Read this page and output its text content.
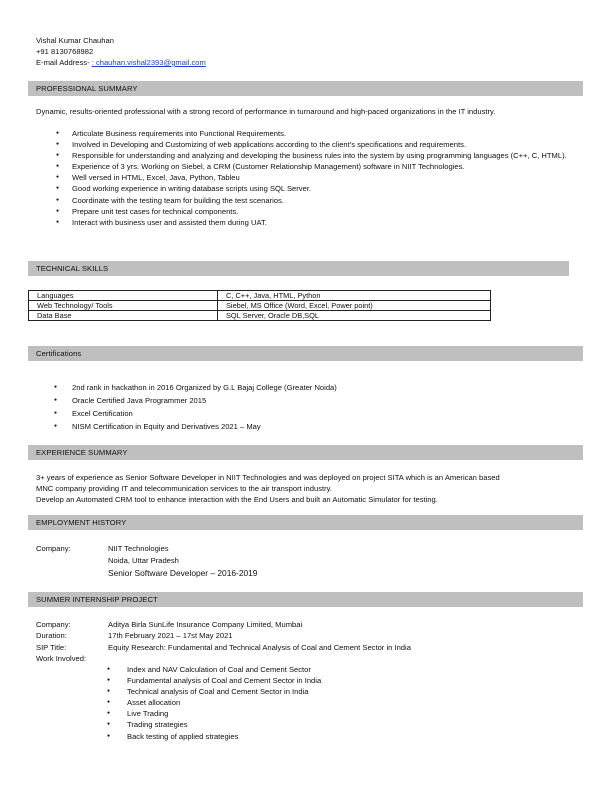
Vishal Kumar Chauhan
+91 8130768982
E-mail Address- : chauhan.vishal2393@gmail.com
PROFESSIONAL SUMMARY
Dynamic, results-oriented professional with a strong record of performance in turnaround and high-paced organizations in the IT industry.
● Articulate Business requirements into Functional Requirements.
● Involved in Developing and Customizing of web applications according to the client's specifications and requirements.
● Responsible for understanding and analyzing and developing the business rules into the system by using programming languages (C++, C, HTML).
● Experience of 3 yrs. Working on Siebel, a CRM (Customer Relationship Management) software in NIIT Technologies.
● Well versed in HTML, Excel, Java, Python, Tableu
● Good working experience in writing database scripts using SQL Server.
● Coordinate with the testing team for building the test scenarios.
● Prepare unit test cases for technical components.
● Interact with business user and assisted them during UAT.
TECHNICAL SKILLS
Languages	C, C++, Java, HTML, Python
Web Technology/ Tools	Siebel, MS Office (Word, Excel, Power point)
Data Base	SQL Server, Oracle DB,SQL
Certifications
● 2nd rank in hackathon in 2016 Organized by G.L Bajaj College (Greater Noida)
● Oracle Certified Java Programmer 2015
● Excel Certification
● NISM Certification in Equity and Derivatives 2021 – May
EXPERIENCE SUMMARY
3+ years of experience as Senior Software Developer in NIIT Technologies and was deployed on project SITA which is an American based
MNC company providing IT and telecommunication services to the air transport industry.
Develop an Automated CRM tool to enhance interaction with the End Users and built an Automatic Simulator for testing.
EMPLOYMENT HISTORY
Company:	NIIT Technologies
Noida, Uttar Pradesh
Senior Software Developer – 2016-2019
SUMMER INTERNSHIP PROJECT
Company:	Aditya Birla SunLife Insurance Company Limited, Mumbai
Duration:	17th February 2021 – 17st May 2021
SIP Title:	Equity Research: Fundamental and Technical Analysis of Coal and Cement Sector in India
Work Involved:
● Index and NAV Calculation of Coal and Cement Sector
● Fundamental analysis of Coal and Cement Sector in India
● Technical analysis of Coal and Cement Sector in India
● Asset allocation
● Live Trading
● Trading strategies
● Back testing of applied strategies
